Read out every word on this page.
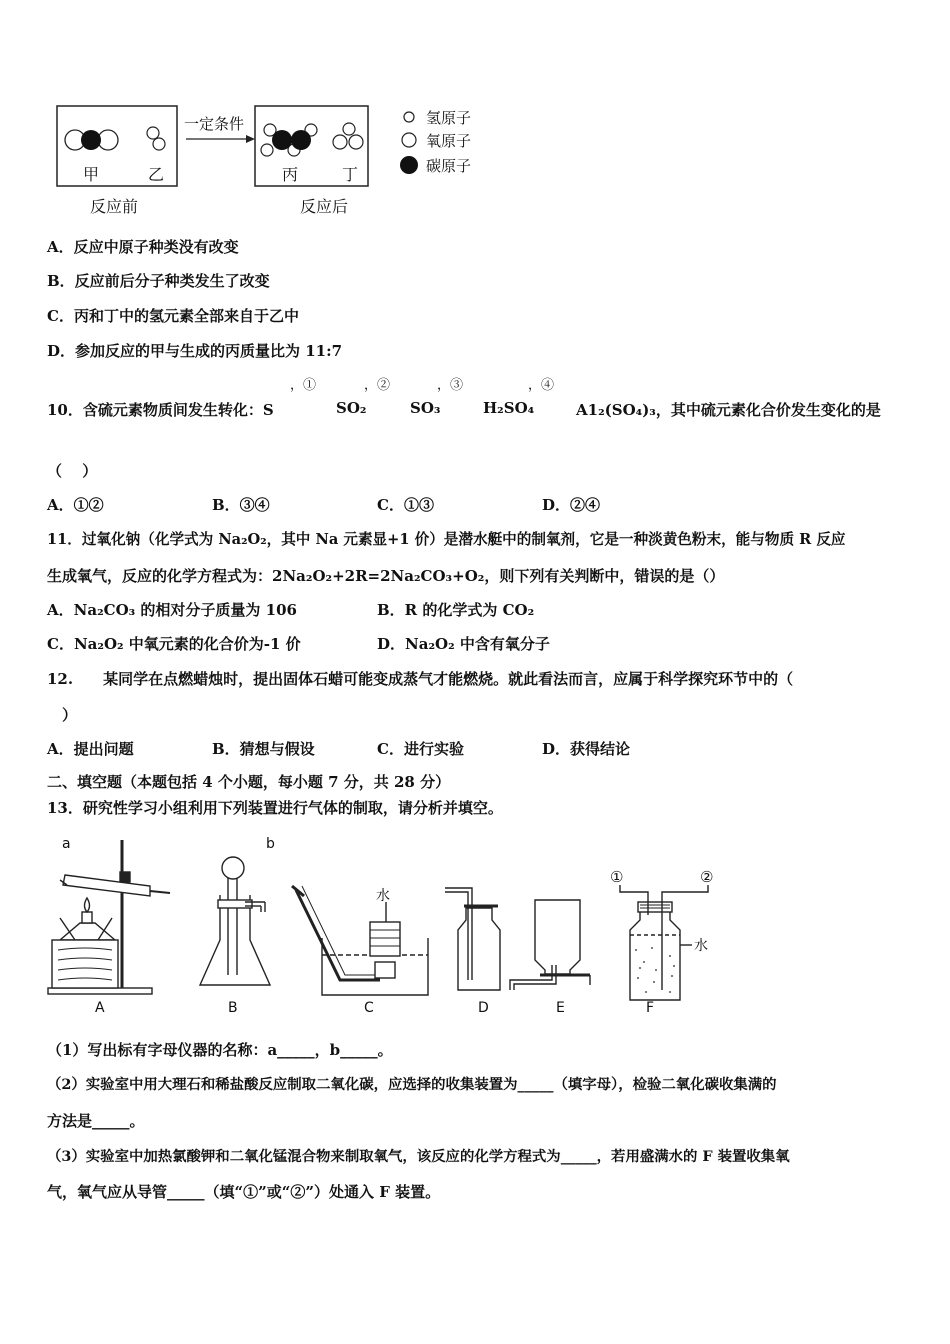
甲	乙
一定条件
丙	丁
反应前	反应后
氢原子
氧原子
碳原子
A．反应中原子种类没有改变
B．反应前后分子种类发生了改变
C．丙和丁中的氢元素全部来自于乙中
D．参加反应的甲与生成的丙质量比为 11:7
，①	，②	，③	，④
10．含硫元素物质间发生转化：S	SO₂	SO₃	H₂SO₄	A1₂(SO₄)₃，其中硫元素化合价发生变化的是
（　 ）
A．①②	B．③④	C．①③	D．②④
11．过氧化钠（化学式为 Na₂O₂，其中 Na 元素显+1 价）是潜水艇中的制氧剂，它是一种淡黄色粉末，能与物质 R 反应
生成氧气，反应的化学方程式为：2Na₂O₂+2R=2Na₂CO₃+O₂，则下列有关判断中，错误的是（）
A．Na₂CO₃ 的相对分子质量为 106	B．R 的化学式为 CO₂
C．Na₂O₂ 中氧元素的化合价为-1 价	D．Na₂O₂ 中含有氧分子
12.　　某同学在点燃蜡烛时，提出固体石蜡可能变成蒸气才能燃烧。就此看法而言，应属于科学探究环节中的（
）
A．提出问题	B．猜想与假设	C．进行实验	D．获得结论
二、填空题（本题包括 4 个小题，每小题 7 分，共 28 分）
13．研究性学习小组利用下列装置进行气体的制取，请分析并填空。
a	b
水
①	②
水
A	B	C	D	E	F
（1）写出标有字母仪器的名称：a_____，b_____。
（2）实验室中用大理石和稀盐酸反应制取二氧化碳，应选择的收集装置为_____（填字母），检验二氧化碳收集满的
方法是_____。
（3）实验室中加热氯酸钾和二氧化锰混合物来制取氧气，该反应的化学方程式为_____，若用盛满水的 F 装置收集氧
气，氧气应从导管_____（填“①”或“②”）处通入 F 装置。
